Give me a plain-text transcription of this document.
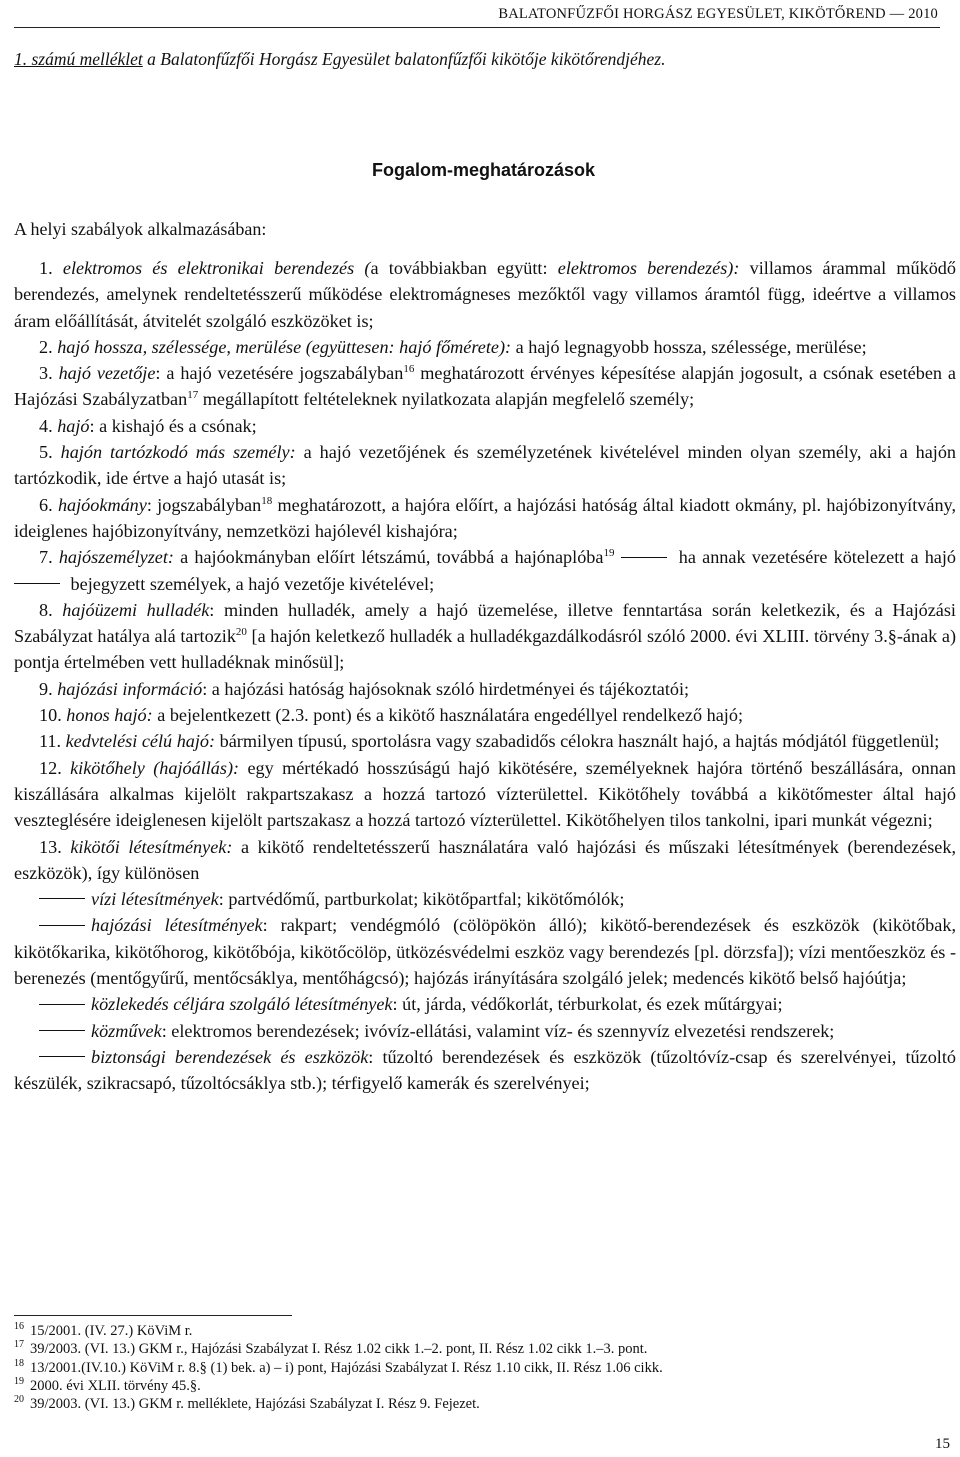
BALATONFŰZFŐI HORGÁSZ EGYESÜLET, KIKÖTŐREND — 2010
1. számú melléklet a Balatonfűzfői Horgász Egyesület balatonfűzfői kikötője kikötőrendjéhez.
Fogalom-meghatározások
A helyi szabályok alkalmazásában:

1. elektromos és elektronikai berendezés (a továbbiakban együtt: elektromos berendezés): villamos árammal működő berendezés, amelynek rendeltetésszerű működése elektromágneses mezőktől vagy villamos áramtól függ, ideértve a villamos áram előállítását, átvitelét szolgáló eszközöket is;

2. hajó hossza, szélessége, merülése (együttesen: hajó főmérete): a hajó legnagyobb hossza, szélessége, merülése;

3. hajó vezetője: a hajó vezetésére jogszabályban$^{16}$ meghatározott érvényes képesítése alapján jogosult, a csónak esetében a Hajózási Szabályzatban$^{17}$ megállapított feltételeknek nyilatkozata alapján megfelelő személy;

4. hajó: a kishajó és a csónak;

5. hajón tartózkodó más személy: a hajó vezetőjének és személyzetének kivételével minden olyan személy, aki a hajón tartózkodik, ide értve a hajó utasát is;

6. hajóokmány: jogszabályban$^{18}$ meghatározott, a hajóra előírt, a hajózási hatóság által kiadott okmány, pl. hajóbizonyítvány, ideiglenes hajóbizonyítvány, nemzetközi hajólevél kishajóra;

7. hajószemélyzet: a hajóokmányban előírt létszámú, továbbá a hajónaplóba$^{19}$	ha annak vezetésére kötelezett a hajó  bejegyzett személyek, a hajó vezetője kivételével;

8. hajóüzemi hulladék: minden hulladék, amely a hajó üzemelése, illetve fenntartása során keletkezik, és a Hajózási Szabályzat hatálya alá tartozik$^{20}$ [a hajón keletkező hulladék a hulladékgazdálkodásról szóló 2000. évi XLIII. törvény 3.§-ának a) pontja értelmében vett hulladéknak minősül];

9. hajózási információ: a hajózási hatóság hajósoknak szóló hirdetményei és tájékoztatói;

10. honos hajó: a bejelentkezett (2.3. pont) és a kikötő használatára engedéllyel rendelkező hajó;

11. kedvtelési célú hajó: bármilyen típusú, sportolásra vagy szabadidős célokra használt hajó, a hajtás módjától függetlenül;

12. kikötőhely (hajóállás): egy mértékadó hosszúságú hajó kikötésére, személyeknek hajóra történő beszállására, onnan kiszállására alkalmas kijelölt rakpartszakasz a hozzá tartozó vízterülettel. Kikötőhely továbbá a kikötőmester által hajó veszteglésére ideiglenesen kijelölt partszakasz a hozzá tartozó vízterülettel. Kikötőhelyen tilos tankolni, ipari munkát végezni;

13. kikötői létesítmények: a kikötő rendeltetésszerű használatára való hajózási és műszaki létesítmények (berendezések, eszközök), így különösen

vízi létesítmények: partvédőmű, partburkolat; kikötőpartfal; kikötőmólók;

hajózási létesítmények: rakpart; vendégmóló (cölöpökön álló); kikötő-berendezések és eszközök (kikötőbak, kikötőkarika, kikötőhorog, kikötőbója, kikötőcölöp, ütközésvédelmi eszköz vagy berendezés [pl. dörzsfa]); vízi mentőeszköz és -berenezés (mentőgyűrű, mentőcsáklya, mentőhágcsó); hajózás irányítására szolgáló jelek; medencés kikötő belső hajóútja;

közlekedés céljára szolgáló létesítmények: út, járda, védőkorlát, térburkolat, és ezek műtárgyai;

közművek: elektromos berendezések; ivóvíz-ellátási, valamint víz- és szennyvíz elvezetési rendszerek;

biztonsági berendezések és eszközök: tűzoltó berendezések és eszközök (tűzoltóvíz-csap és szerelvényei, tűzoltó készülék, szikracsapó, tűzoltócsáklya stb.); térfigyelő kamerák és szerelvényei;

$^{16}$ 15/2001. (IV. 27.) KöViM r.
$^{17}$ 39/2003. (VI. 13.) GKM r., Hajózási Szabályzat I. Rész 1.02 cikk 1.–2. pont, II. Rész 1.02 cikk 1.–3. pont.
$^{18}$ 13/2001.(IV.10.) KöViM r. 8.§ (1) bek. a) – i) pont, Hajózási Szabályzat I. Rész 1.10 cikk, II. Rész 1.06 cikk.
$^{19}$ 2000. évi XLII. törvény 45.§.
$^{20}$ 39/2003. (VI. 13.) GKM r. melléklete, Hajózási Szabályzat I. Rész 9. Fejezet.
15
